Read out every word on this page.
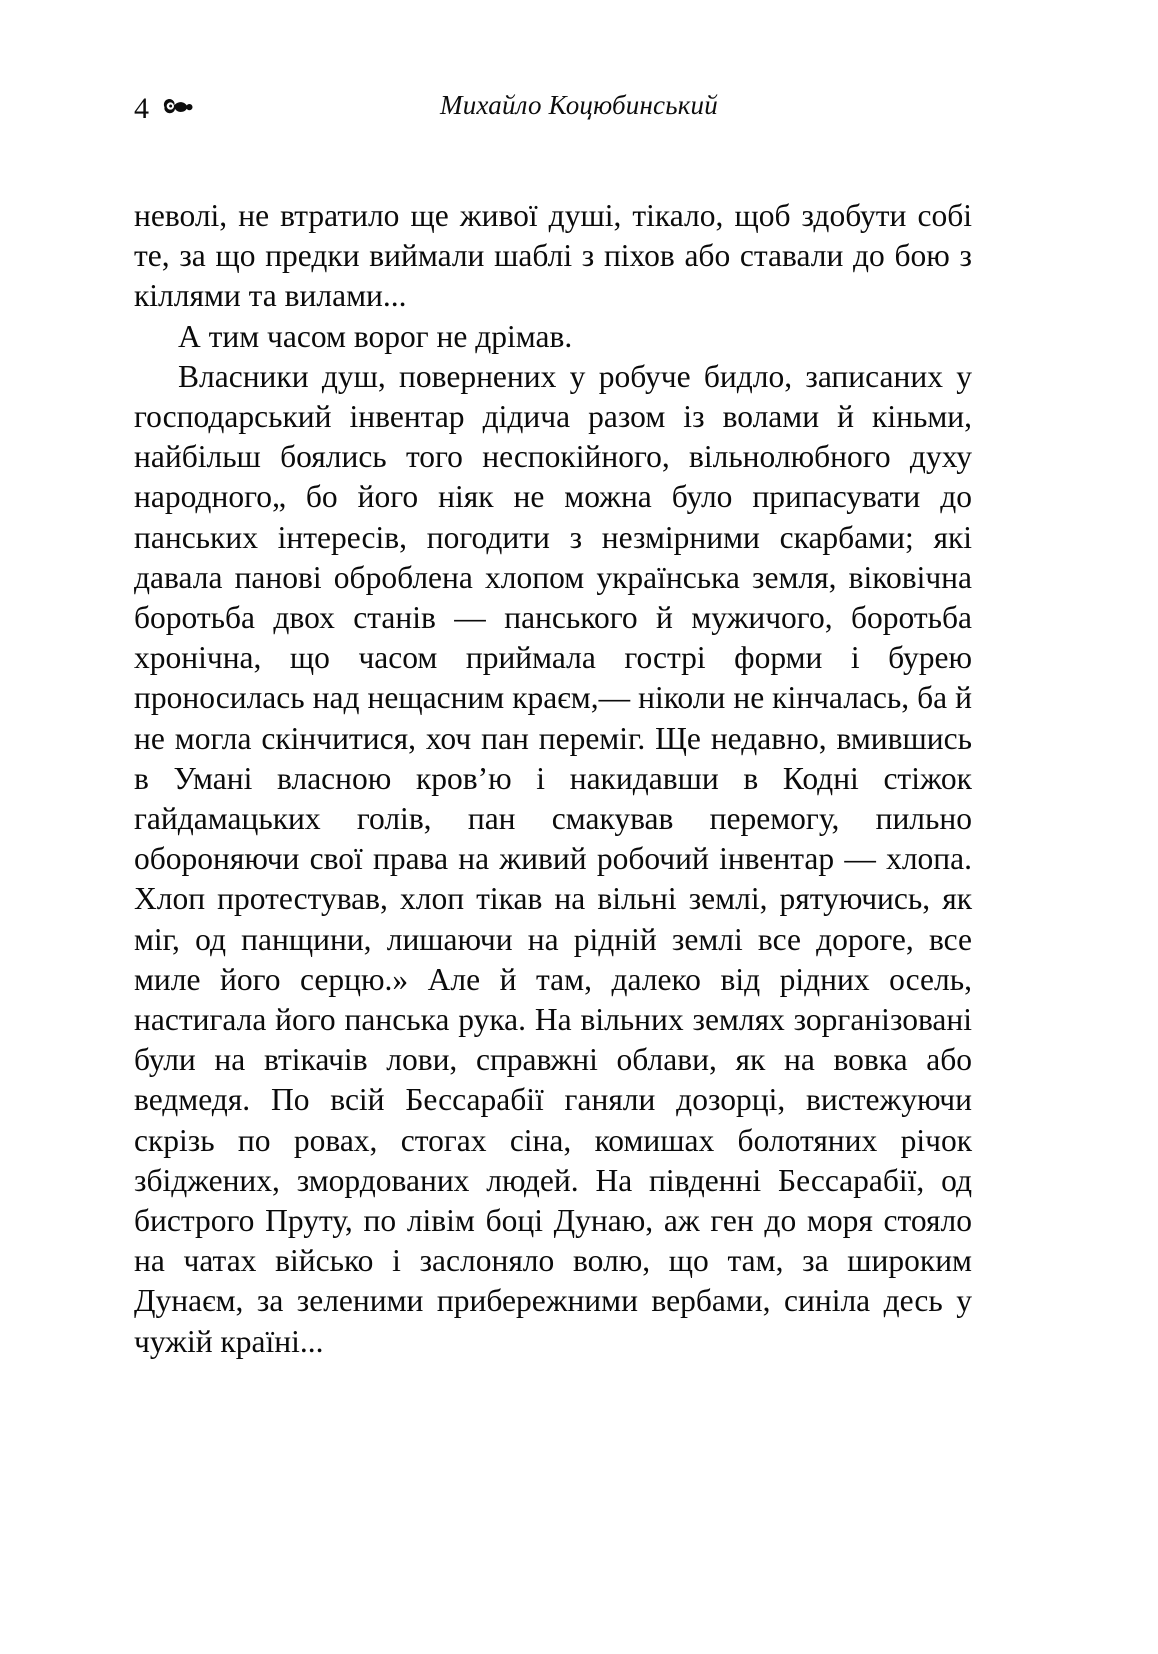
4	Михайло Коцюбинський

неволі, не втратило ще живої душі, тікало, щоб здобути собі те, за що предки виймали шаблі з піхов або ставали до бою з кіллями та вилами...

А тим часом ворог не дрімав.

Власники душ, повернених у робуче бидло, записаних у господарський інвентар дідича разом із волами й кіньми, найбільш боялись того неспокійного, вільнолюбного духу народного„ бо його ніяк не можна було припасувати до панських інтересів, погодити з незмірними скарбами; які давала панові оброблена хлопом українська земля, віковічна боротьба двох станів — панського й мужичого, боротьба хронічна, що часом приймала гострі форми і бурею проносилась над нещасним краєм,— ніколи не кінчалась, ба й не могла скінчитися, хоч пан переміг. Ще недавно, вмившись в Умані власною кров’ю і накидавши в Кодні стіжок гайдамацьких голів, пан смакував перемогу, пильно обороняючи свої права на живий робочий інвентар — хлопа. Хлоп протестував, хлоп тікав на вільні землі, рятуючись, як міг, од панщини, лишаючи на рідній землі все дороге, все миле його серцю.» Але й там, далеко від рідних осель, настигала його панська рука. На вільних землях зорганізовані були на втікачів лови, справжні облави, як на вовка або ведмедя. По всій Бессарабії ганяли дозорці, вистежуючи скрізь по ровах, стогах сіна, комишах болотяних річок збіджених, змордованих людей. На південні Бессарабії, од бистрого Пруту, по лівім боці Дунаю, аж ген до моря стояло на чатах військо і заслоняло волю, що там, за широким Дунаєм, за зеленими прибережними вербами, синіла десь у чужій країні...
